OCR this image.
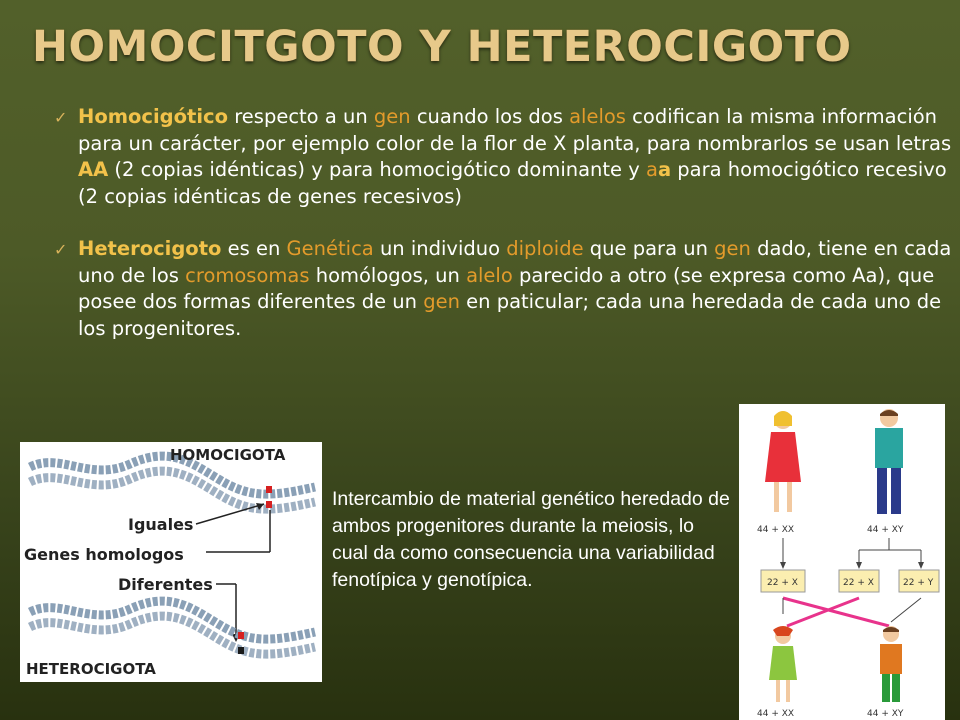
HOMOCITGOTO Y HETEROCIGOTO
✓ Homocigótico respecto a un gen cuando los dos alelos codifican la misma información para un carácter, por ejemplo color de la flor de X planta, para nombrarlos se usan letras AA (2 copias idénticas) y para homocigótico dominante y aa para homocigótico recesivo (2 copias idénticas de genes recesivos)
✓ Heterocigoto es en Genética un individuo diploide que para un gen dado, tiene en cada uno de los cromosomas homólogos, un alelo parecido a otro (se expresa como Aa), que posee dos formas diferentes de un gen en paticular; cada una heredada de cada uno de los progenitores.
HOMOCIGOTA
Iguales
Genes homologos
Diferentes
HETEROCIGOTA
Intercambio de material genético heredado de ambos progenitores durante la meiosis, lo cual da como consecuencia una variabilidad fenotípica y genotípica.
44 + XX	44 + XY
22 + X	22 + X	22 + Y
44 + XX	44 + XY
